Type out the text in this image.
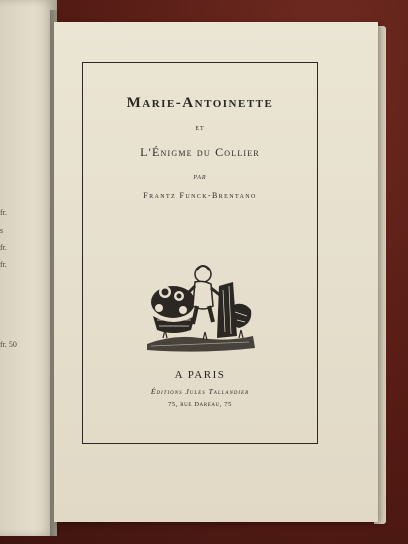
fr.
s
fr.
fr.
fr. 50
Marie-Antoinette
ET
L'Énigme du Collier
PAR
Frantz Funck-Brentano
A PARIS
Éditions Jules Tallandier
75, rue Dareau, 75
